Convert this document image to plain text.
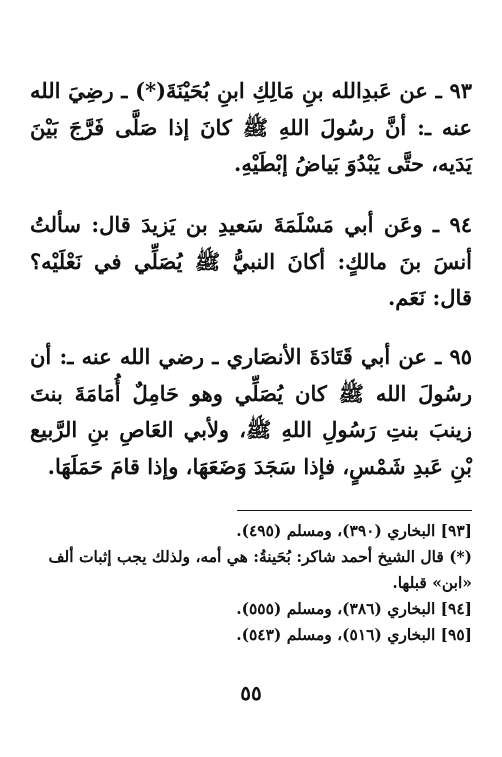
٩٣ ـ عن عَبدِالله بنِ مَالِكِ ابنِ بُحَيْنَةَ(*) ـ رضِيَ الله عنه ـ: أنَّ رسُولَ اللهِ ﷺ كانَ إذا صَلَّى فَرَّجَ بَيْنَ يَدَيه، حتَّى يَبْدُوَ بَياضُ إبْطَيْهِ.

٩٤ ـ وعَن أبي مَسْلَمَةَ سَعيدِ بن يَزيدَ قال: سألتُ أنسَ بنَ مالكٍ: أكانَ النبيُّ ﷺ يُصَلِّي في نَعْلَيْه؟ قال: نَعَم.

٩٥ ـ عن أبي قَتَادَةَ الأنصَاري ـ رضي الله عنه ـ: أن رسُولَ الله ﷺ كان يُصَلِّي وهو حَامِلٌ أُمَامَةَ بنتَ زينبَ بنتِ رَسُولِ اللهِ ﷺ، ولأبي العَاصِ بنِ الرَّبيع بْنِ عَبدِ شَمْسٍ، فإذا سَجَدَ وَضَعَهَا، وإذا قامَ حَمَلَهَا.

[٩٣] البخاري (٣٩٠)، ومسلم (٤٩٥).

(*) قال الشيخ أحمد شاكر: بُحَينةُ: هي أمه، ولذلك يجب إثبات ألف «ابن» قبلها.

[٩٤] البخاري (٣٨٦)، ومسلم (٥٥٥).

[٩٥] البخاري (٥١٦)، ومسلم (٥٤٣).

٥٥
